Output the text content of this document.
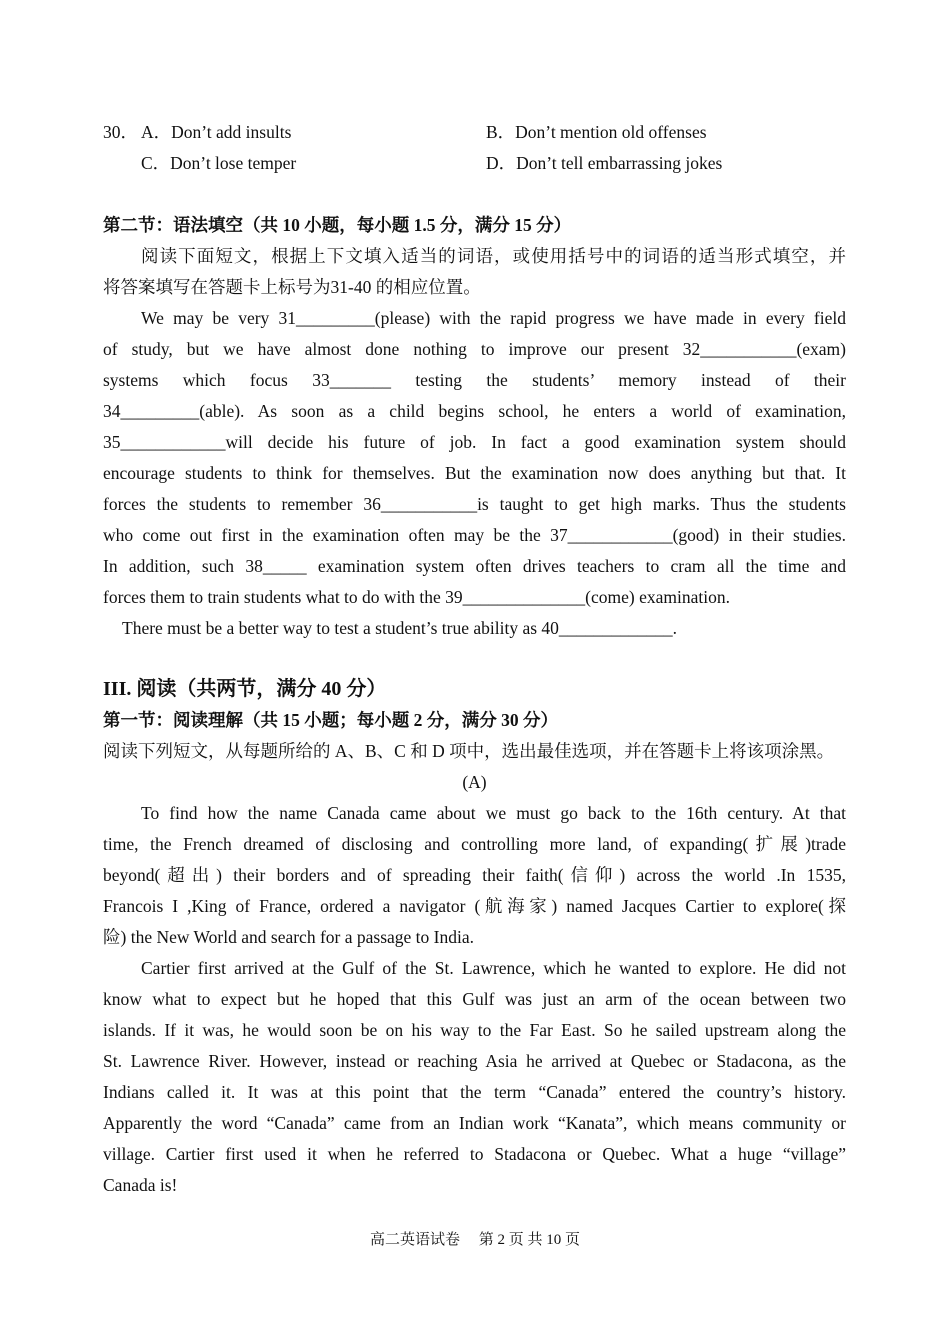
30． A．Don’t add insults	B．Don’t mention old offenses
C．Don’t lose temper	D．Don’t tell embarrassing jokes
第二节：语法填空（共 10 小题，每小题 1.5 分，满分 15 分）
阅读下面短文，根据上下文填入适当的词语，或使用括号中的词语的适当形式填空，并
将答案填写在答题卡上标号为31-40 的相应位置。
We may be very 31_________(please) with the rapid progress we have made in every field
of study, but we have almost done nothing to improve our present 32___________(exam)
systems which focus 33_______ testing the students’ memory instead of their
34_________(able). As soon as a child begins school, he enters a world of examination,
35____________will decide his future of job. In fact a good examination system should
encourage students to think for themselves. But the examination now does anything but that. It
forces the students to remember 36___________is taught to get high marks. Thus the students
who come out first in the examination often may be the 37____________(good) in their studies.
In addition, such 38_____ examination system often drives teachers to cram all the time and
forces them to train students what to do with the 39______________(come) examination.
There must be a better way to test a student’s true ability as 40_____________.
III. 阅读（共两节，满分 40 分）
第一节：阅读理解（共 15 小题；每小题 2 分，满分 30 分）
阅读下列短文，从每题所给的 A、B、C 和 D 项中，选出最佳选项，并在答题卡上将该项涂黑。
(A)
To find how the name Canada came about we must go back to the 16th century. At that
time, the French dreamed of disclosing and controlling more land, of expanding(扩展)trade
beyond(超出) their borders and of spreading their faith(信仰) across the world .In 1535,
Francois I ,King of France, ordered a navigator (航海家) named Jacques Cartier to explore(探
险) the New World and search for a passage to India.
Cartier first arrived at the Gulf of the St. Lawrence, which he wanted to explore. He did not
know what to expect but he hoped that this Gulf was just an arm of the ocean between two
islands. If it was, he would soon be on his way to the Far East. So he sailed upstream along the
St. Lawrence River. However, instead or reaching Asia he arrived at Quebec or Stadacona, as the
Indians called it. It was at this point that the term “Canada” entered the country’s history.
Apparently the word “Canada” came from an Indian work “Kanata”, which means community or
village. Cartier first used it when he referred to Stadacona or Quebec. What a huge “village”
Canada is!
高二英语试卷　 第 2 页 共 10 页
